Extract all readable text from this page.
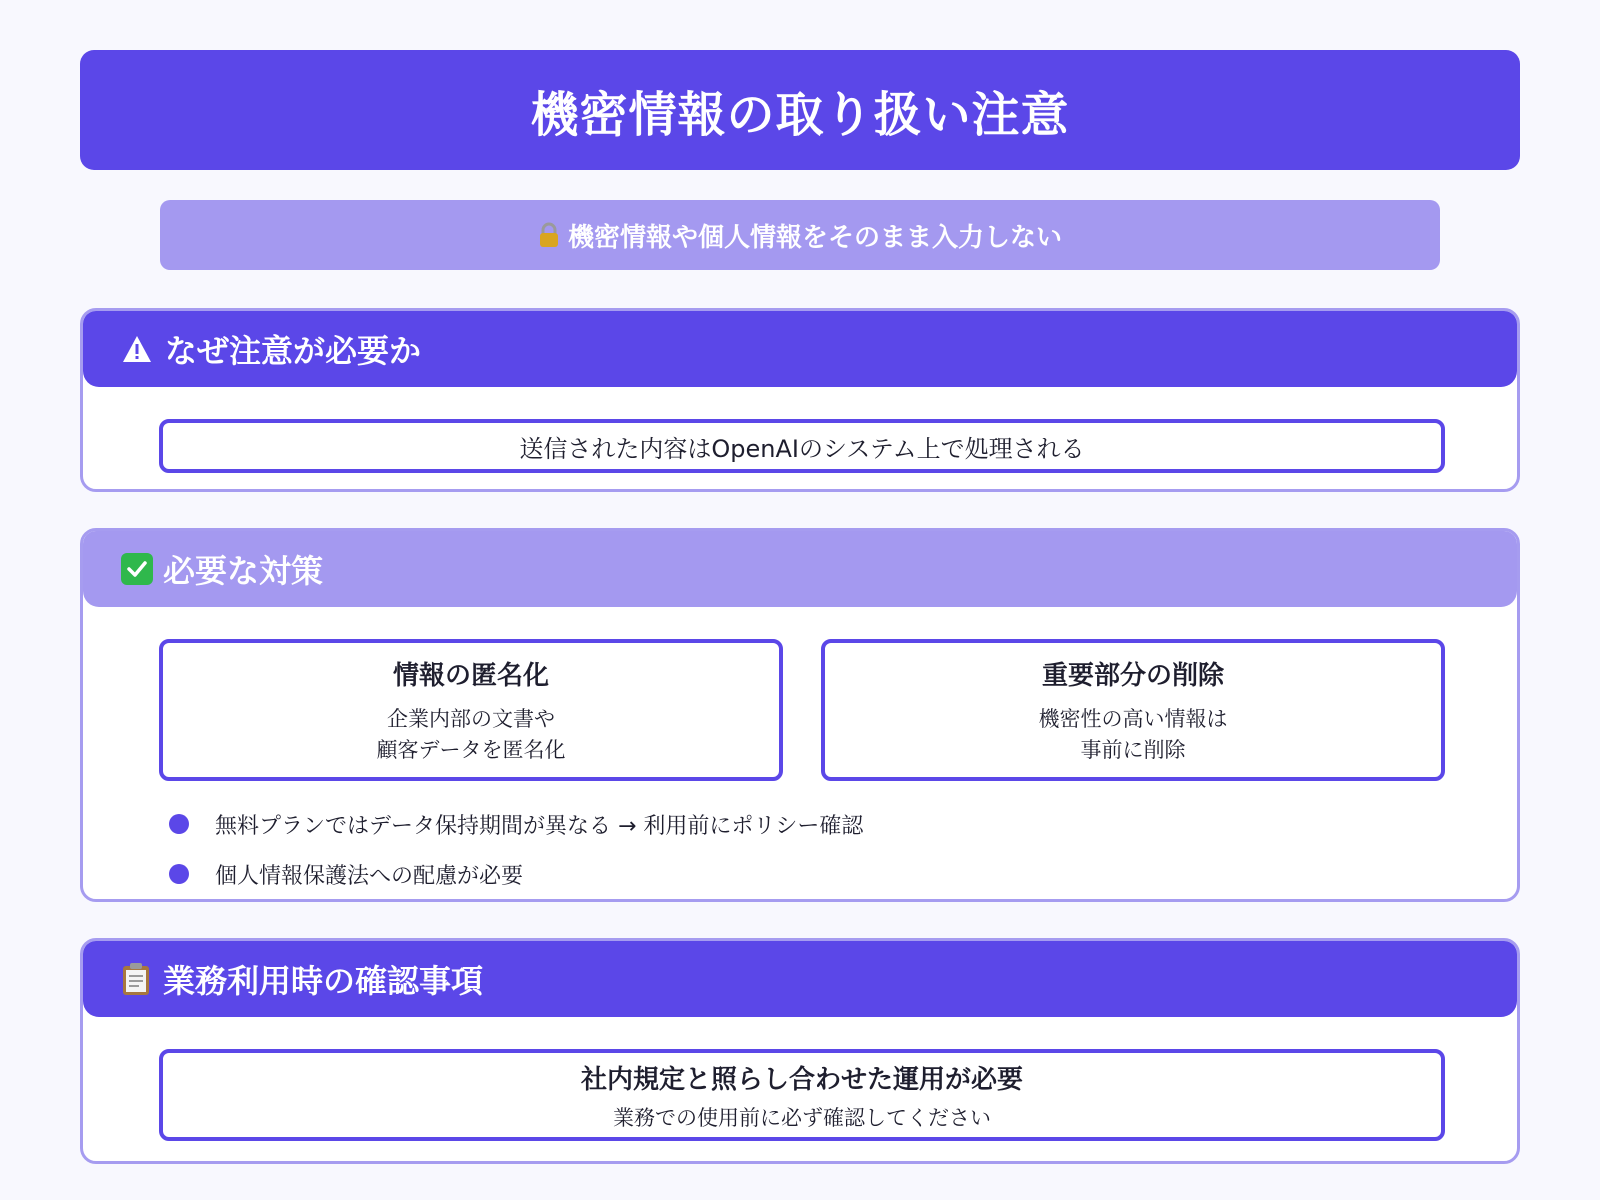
機密情報の取り扱い注意
機密情報や個人情報をそのまま入力しない
なぜ注意が必要か
送信された内容はOpenAIのシステム上で処理される
必要な対策
情報の匿名化
企業内部の文書や
顧客データを匿名化
重要部分の削除
機密性の高い情報は
事前に削除
無料プランではデータ保持期間が異なる → 利用前にポリシー確認
個人情報保護法への配慮が必要
業務利用時の確認事項
社内規定と照らし合わせた運用が必要
業務での使用前に必ず確認してください
